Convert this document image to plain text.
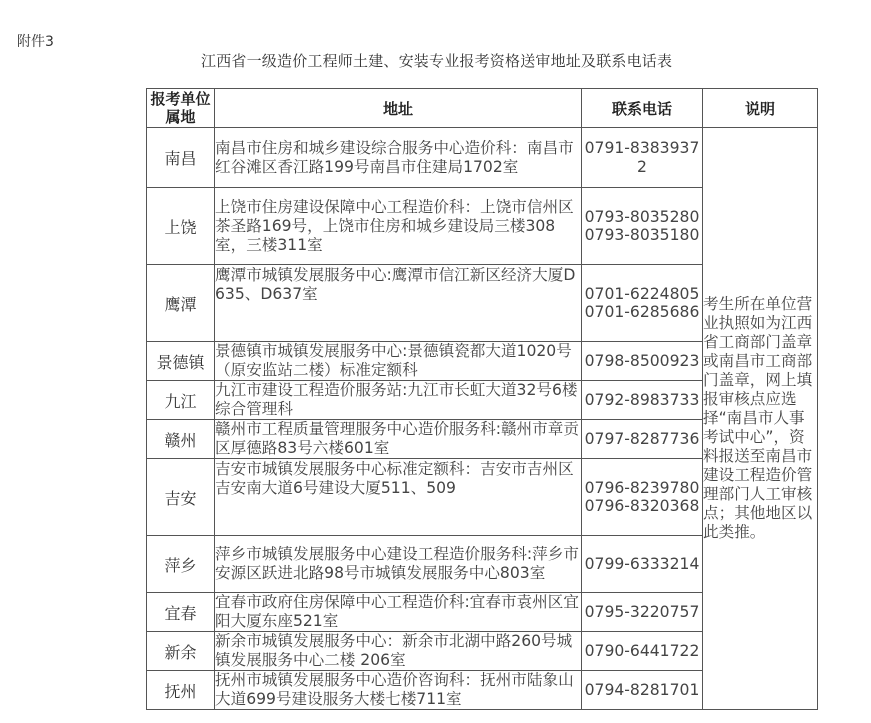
附件3
江西省一级造价工程师土建、安装专业报考资格送审地址及联系电话表
报考单位属地	地址	联系电话	说明
南昌	南昌市住房和城乡建设综合服务中心造价科：南昌市红谷滩区香江路199号南昌市住建局1702室	0791-83839372	考生所在单位营业执照如为江西省工商部门盖章或南昌市工商部门盖章，网上填报审核点应选择“南昌市人事考试中心”，资料报送至南昌市建设工程造价管理部门人工审核点；其他地区以此类推。
上饶	上饶市住房建设保障中心工程造价科：上饶市信州区茶圣路169号，上饶市住房和城乡建设局三楼308室，三楼311室	0793-8035280 0793-8035180	
鹰潭	鹰潭市城镇发展服务中心:鹰潭市信江新区经济大厦D635、D637室	0701-6224805 0701-6285686	
景德镇	景德镇市城镇发展服务中心:景德镇瓷都大道1020号（原安监站二楼）标准定额科	0798-8500923	
九江	九江市建设工程造价服务站:九江市长虹大道32号6楼综合管理科	0792-8983733	
赣州	赣州市工程质量管理服务中心造价服务科:赣州市章贡区厚德路83号六楼601室	0797-8287736	
吉安	吉安市城镇发展服务中心标准定额科：吉安市吉州区吉安南大道6号建设大厦511、509	0796-8239780 0796-8320368	
萍乡	萍乡市城镇发展服务中心建设工程造价服务科:萍乡市安源区跃进北路98号市城镇发展服务中心803室	0799-6333214	
宜春	宜春市政府住房保障中心工程造价科:宜春市袁州区宜阳大厦东座521室	0795-3220757	
新余	新余市城镇发展服务中心：新余市北湖中路260号城镇发展服务中心二楼 206室	0790-6441722	
抚州	抚州市城镇发展服务中心造价咨询科：抚州市陆象山大道699号建设服务大楼七楼711室	0794-8281701	
